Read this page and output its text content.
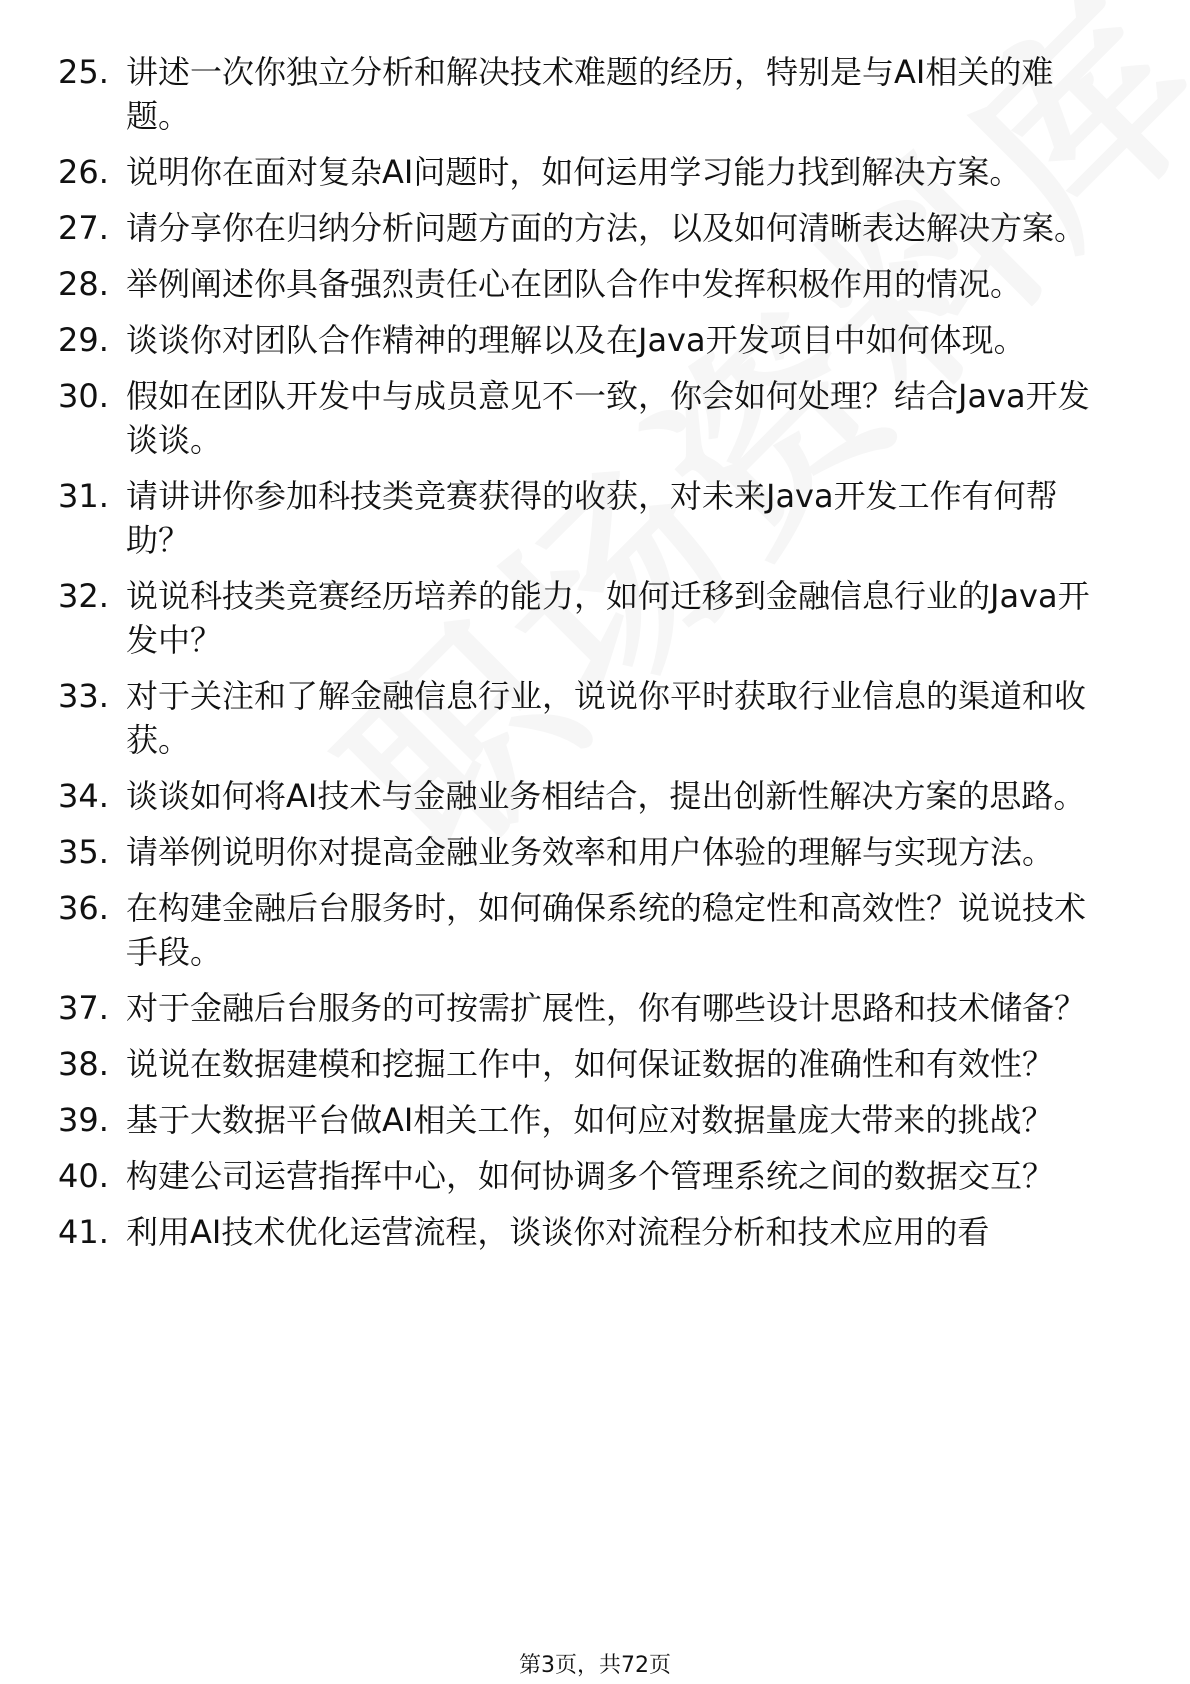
25. 讲述一次你独立分析和解决技术难题的经历，特别是与AI相关的难题。
26. 说明你在面对复杂AI问题时，如何运用学习能力找到解决方案。
27. 请分享你在归纳分析问题方面的方法，以及如何清晰表达解决方案。
28. 举例阐述你具备强烈责任心在团队合作中发挥积极作用的情况。
29. 谈谈你对团队合作精神的理解以及在Java开发项目中如何体现。
30. 假如在团队开发中与成员意见不一致，你会如何处理？结合Java开发谈谈。
31. 请讲讲你参加科技类竞赛获得的收获，对未来Java开发工作有何帮助？
32. 说说科技类竞赛经历培养的能力，如何迁移到金融信息行业的Java开发中？
33. 对于关注和了解金融信息行业，说说你平时获取行业信息的渠道和收获。
34. 谈谈如何将AI技术与金融业务相结合，提出创新性解决方案的思路。
35. 请举例说明你对提高金融业务效率和用户体验的理解与实现方法。
36. 在构建金融后台服务时，如何确保系统的稳定性和高效性？说说技术手段。
37. 对于金融后台服务的可按需扩展性，你有哪些设计思路和技术储备？
38. 说说在数据建模和挖掘工作中，如何保证数据的准确性和有效性？
39. 基于大数据平台做AI相关工作，如何应对数据量庞大带来的挑战？
40. 构建公司运营指挥中心，如何协调多个管理系统之间的数据交互？
41. 利用AI技术优化运营流程，谈谈你对流程分析和技术应用的看
第3页，共72页
